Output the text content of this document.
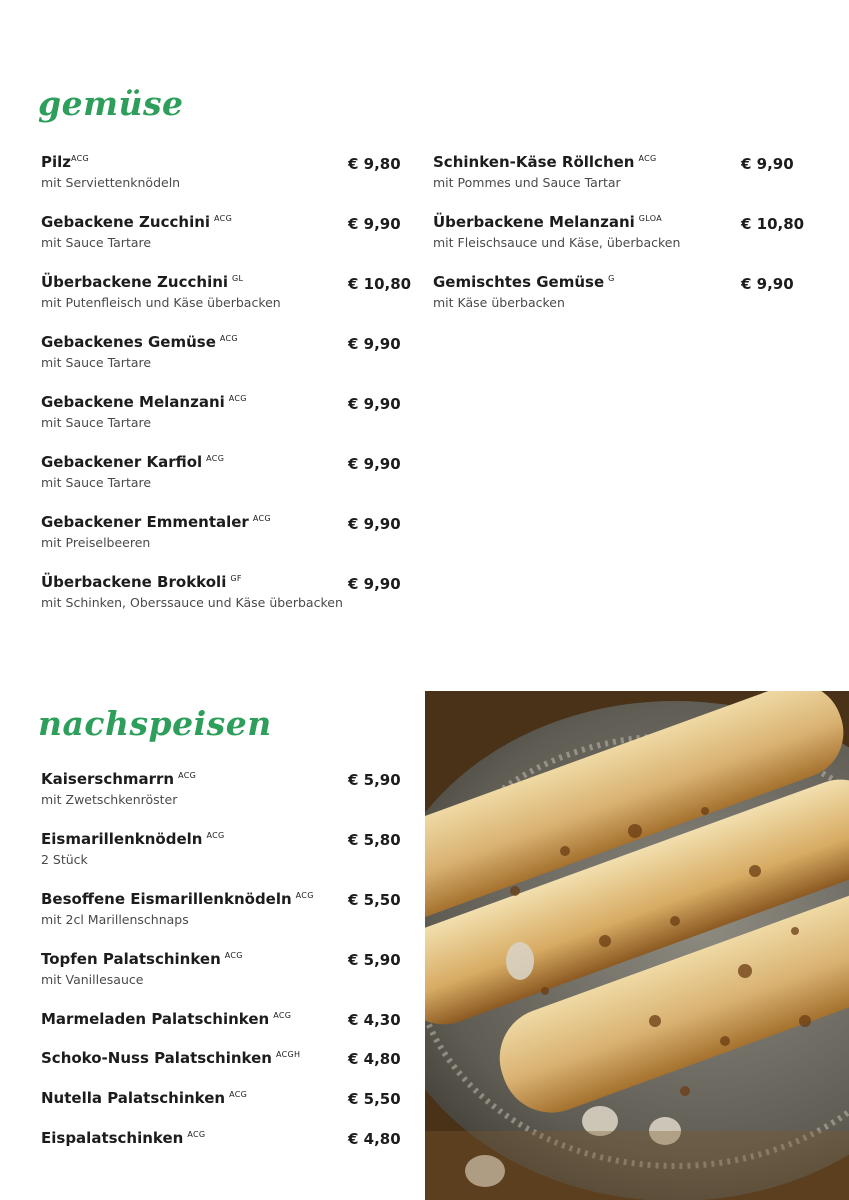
gemüse
nachspeisen
Pilz$^{ACG}$
mit Serviettenknödeln
€ 9,80
Gebackene Zucchini $^{ACG}$
mit Sauce Tartare
€ 9,90
Überbackene Zucchini $^{GL}$
mit Putenfleisch und Käse überbacken
€ 10,80
Gebackenes Gemüse $^{ACG}$
mit Sauce Tartare
€ 9,90
Gebackene Melanzani $^{ACG}$
mit Sauce Tartare
€ 9,90
Gebackener Karfiol $^{ACG}$
mit Sauce Tartare
€ 9,90
Gebackener Emmentaler $^{ACG}$
mit Preiselbeeren
€ 9,90
Überbackene Brokkoli $^{GF}$
mit Schinken, Oberssauce und Käse überbacken
€ 9,90
Schinken-Käse Röllchen $^{ACG}$
mit Pommes und Sauce Tartar
€ 9,90
Überbackene Melanzani $^{GLOA}$
mit Fleischsauce und Käse, überbacken
€ 10,80
Gemischtes Gemüse $^G$
mit Käse überbacken
€ 9,90
Kaiserschmarrn $^{ACG}$
mit Zwetschkenröster
€ 5,90
Eismarillenknödeln $^{ACG}$
2 Stück
€ 5,80
Besoffene Eismarillenknödeln $^{ACG}$
mit 2cl Marillenschnaps
€ 5,50
Topfen Palatschinken $^{ACG}$
mit Vanillesauce
€ 5,90
Marmeladen Palatschinken $^{ACG}$	€ 4,30
Schoko-Nuss Palatschinken $^{ACGH}$	€ 4,80
Nutella Palatschinken $^{ACG}$	€ 5,50
Eispalatschinken $^{ACG}$	€ 4,80
